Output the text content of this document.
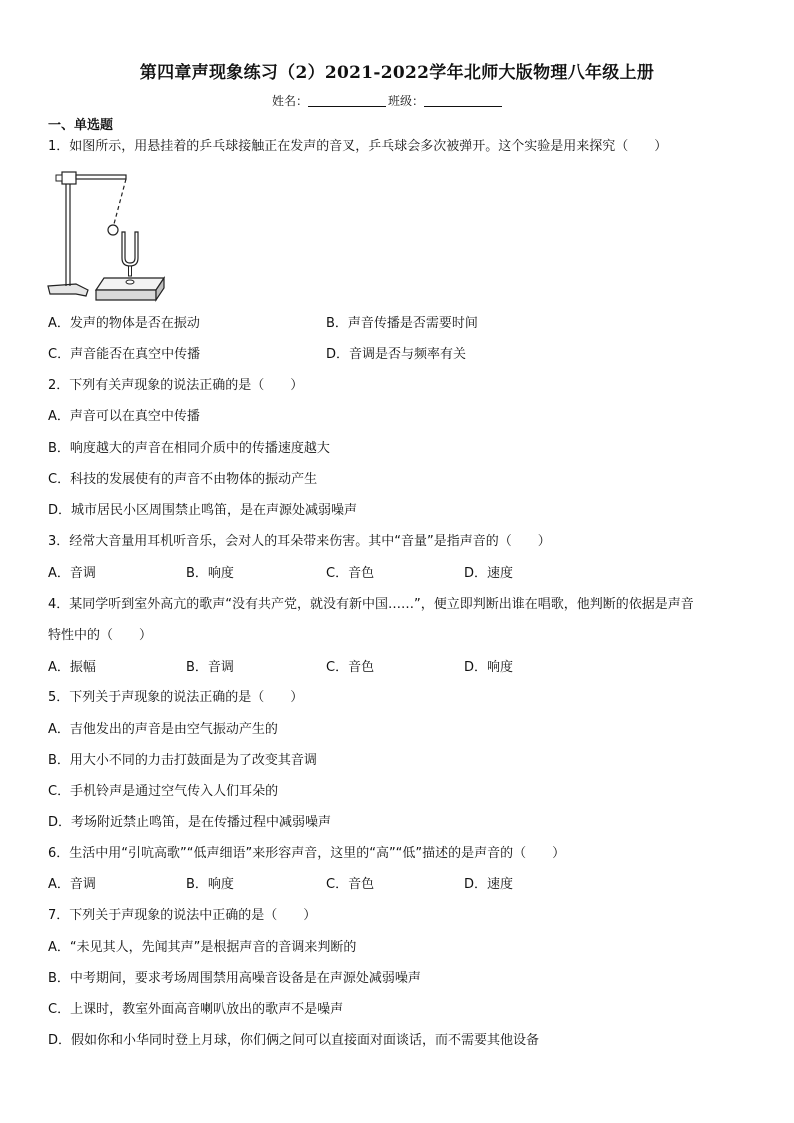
第四章声现象练习（2）2021-2022学年北师大版物理八年级上册
姓名：	班级：
一、单选题
1．如图所示，用悬挂着的乒乓球接触正在发声的音叉，乒乓球会多次被弹开。这个实验是用来探究（　　）
A．发声的物体是否在振动	B．声音传播是否需要时间
C．声音能否在真空中传播	D．音调是否与频率有关
2．下列有关声现象的说法正确的是（　　）
A．声音可以在真空中传播
B．响度越大的声音在相同介质中的传播速度越大
C．科技的发展使有的声音不由物体的振动产生
D．城市居民小区周围禁止鸣笛，是在声源处减弱噪声
3．经常大音量用耳机听音乐，会对人的耳朵带来伤害。其中“音量”是指声音的（　　）
A．音调	B．响度	C．音色	D．速度
4．某同学听到室外高亢的歌声“没有共产党，就没有新中国……”，便立即判断出谁在唱歌，他判断的依据是声音
特性中的（　　）
A．振幅	B．音调	C．音色	D．响度
5．下列关于声现象的说法正确的是（　　）
A．吉他发出的声音是由空气振动产生的
B．用大小不同的力击打鼓面是为了改变其音调
C．手机铃声是通过空气传入人们耳朵的
D．考场附近禁止鸣笛，是在传播过程中减弱噪声
6．生活中用“引吭高歌”“低声细语”来形容声音，这里的“高”“低”描述的是声音的（　　）
A．音调	B．响度	C．音色	D．速度
7．下列关于声现象的说法中正确的是（　　）
A．“未见其人，先闻其声”是根据声音的音调来判断的
B．中考期间，要求考场周围禁用高噪音设备是在声源处减弱噪声
C．上课时，教室外面高音喇叭放出的歌声不是噪声
D．假如你和小华同时登上月球，你们俩之间可以直接面对面谈话，而不需要其他设备
